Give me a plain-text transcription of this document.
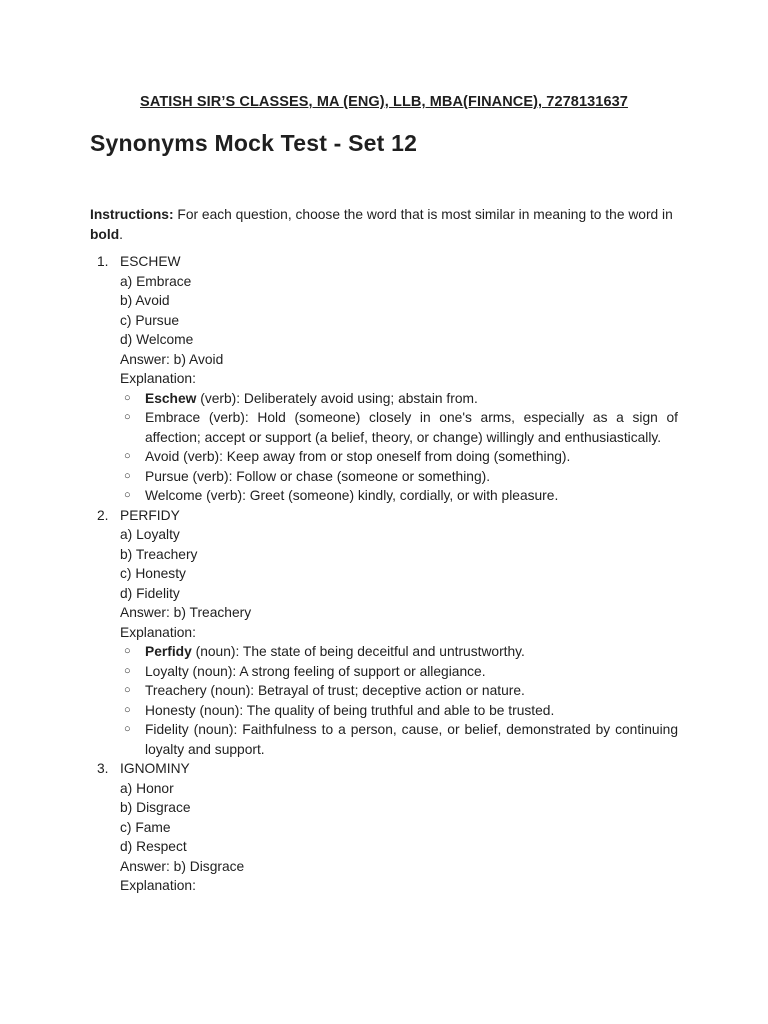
SATISH SIR’S CLASSES, MA (ENG), LLB, MBA(FINANCE), 7278131637
Synonyms Mock Test - Set 12
Instructions: For each question, choose the word that is most similar in meaning to the word in bold.
1. ESCHEW
a) Embrace
b) Avoid
c) Pursue
d) Welcome
Answer: b) Avoid
Explanation:
○ Eschew (verb): Deliberately avoid using; abstain from.
○ Embrace (verb): Hold (someone) closely in one's arms, especially as a sign of affection; accept or support (a belief, theory, or change) willingly and enthusiastically.
○ Avoid (verb): Keep away from or stop oneself from doing (something).
○ Pursue (verb): Follow or chase (someone or something).
○ Welcome (verb): Greet (someone) kindly, cordially, or with pleasure.
2. PERFIDY
a) Loyalty
b) Treachery
c) Honesty
d) Fidelity
Answer: b) Treachery
Explanation:
○ Perfidy (noun): The state of being deceitful and untrustworthy.
○ Loyalty (noun): A strong feeling of support or allegiance.
○ Treachery (noun): Betrayal of trust; deceptive action or nature.
○ Honesty (noun): The quality of being truthful and able to be trusted.
○ Fidelity (noun): Faithfulness to a person, cause, or belief, demonstrated by continuing loyalty and support.
3. IGNOMINY
a) Honor
b) Disgrace
c) Fame
d) Respect
Answer: b) Disgrace
Explanation:
